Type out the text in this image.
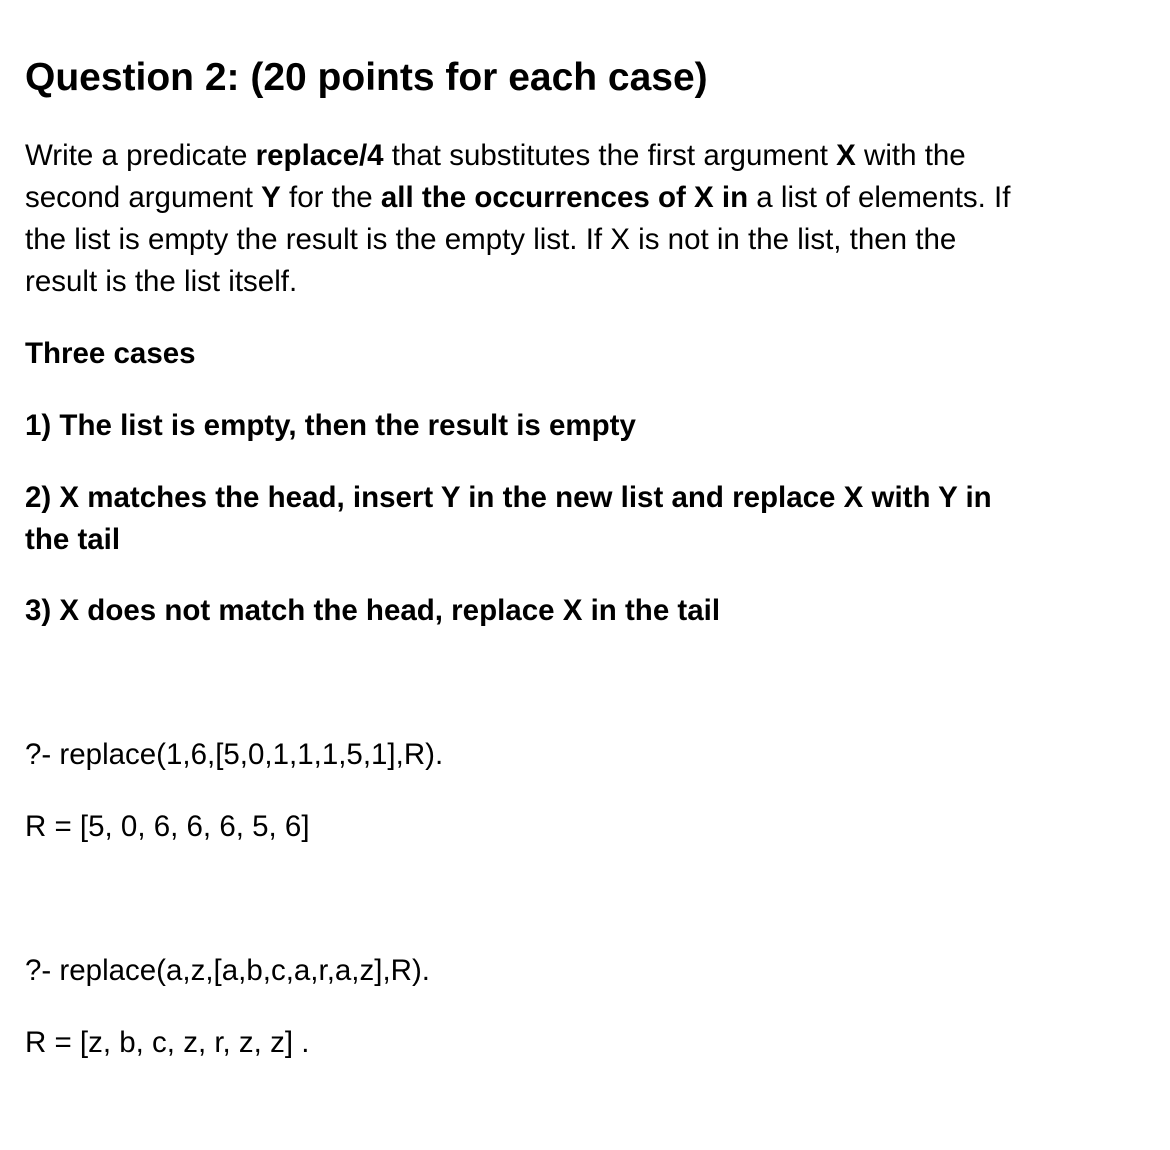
Question 2: (20 points for each case)
Write a predicate replace/4 that substitutes the first argument X with the
second argument Y for the all the occurrences of X in a list of elements. If
the list is empty the result is the empty list. If X is not in the list, then the
result is the list itself.
Three cases
1) The list is empty, then the result is empty
2) X matches the head, insert Y in the new list and replace X with Y in
the tail
3) X does not match the head, replace X in the tail
?- replace(1,6,[5,0,1,1,1,5,1],R).
R = [5, 0, 6, 6, 6, 5, 6]
?- replace(a,z,[a,b,c,a,r,a,z],R).
R = [z, b, c, z, r, z, z] .
